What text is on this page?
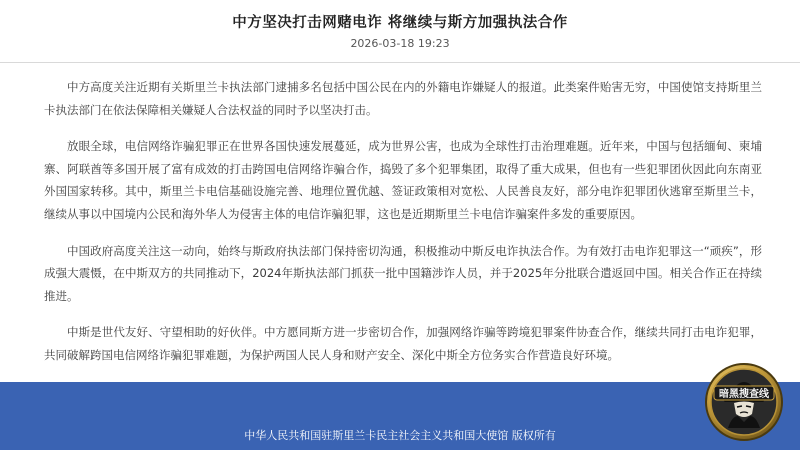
中方坚决打击网赌电诈 将继续与斯方加强执法合作
2026-03-18 19:23

中方高度关注近期有关斯里兰卡执法部门逮捕多名包括中国公民在内的外籍电诈嫌疑人的报道。此类案件贻害无穷，中国使馆支持斯里兰卡执法部门在依法保障相关嫌疑人合法权益的同时予以坚决打击。

放眼全球，电信网络诈骗犯罪正在世界各国快速发展蔓延，成为世界公害，也成为全球性打击治理难题。近年来，中国与包括缅甸、柬埔寨、阿联酋等多国开展了富有成效的打击跨国电信网络诈骗合作，捣毁了多个犯罪集团，取得了重大成果，但也有一些犯罪团伙因此向东南亚外国国家转移。其中，斯里兰卡电信基础设施完善、地理位置优越、签证政策相对宽松、人民善良友好，部分电诈犯罪团伙逃窜至斯里兰卡，继续从事以中国境内公民和海外华人为侵害主体的电信诈骗犯罪，这也是近期斯里兰卡电信诈骗案件多发的重要原因。

中国政府高度关注这一动向，始终与斯政府执法部门保持密切沟通，积极推动中斯反电诈执法合作。为有效打击电诈犯罪这一“顽疾”，形成强大震慑，在中斯双方的共同推动下，2024年斯执法部门抓获一批中国籍涉诈人员，并于2025年分批联合遣返回中国。相关合作正在持续推进。

中斯是世代友好、守望相助的好伙伴。中方愿同斯方进一步密切合作，加强网络诈骗等跨境犯罪案件协查合作，继续共同打击电诈犯罪，共同破解跨国电信网络诈骗犯罪难题，为保护两国人民人身和财产安全、深化中斯全方位务实合作营造良好环境。

中华人民共和国驻斯里兰卡民主社会主义共和国大使馆 版权所有
暗黑搜查线
